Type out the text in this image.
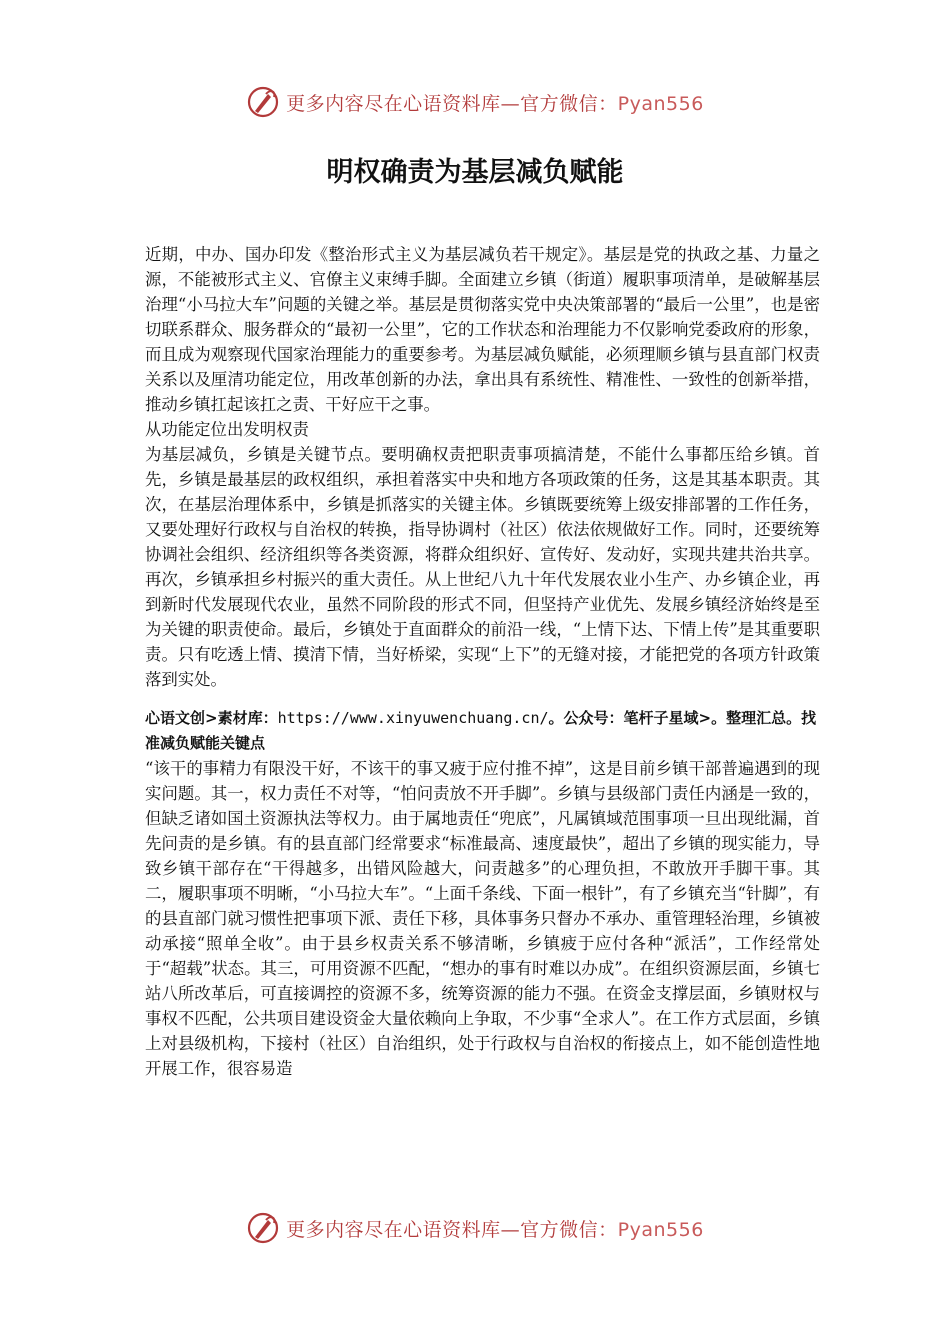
更多内容尽在心语资料库—官方微信：Pyan556
明权确责为基层减负赋能

近期，中办、国办印发《整治形式主义为基层减负若干规定》。基层是党的执政之基、力量之源，不能被形式主义、官僚主义束缚手脚。全面建立乡镇（街道）履职事项清单，是破解基层治理“小马拉大车”问题的关键之举。基层是贯彻落实党中央决策部署的“最后一公里”，也是密切联系群众、服务群众的“最初一公里”，它的工作状态和治理能力不仅影响党委政府的形象，而且成为观察现代国家治理能力的重要参考。为基层减负赋能，必须理顺乡镇与县直部门权责关系以及厘清功能定位，用改革创新的办法，拿出具有系统性、精准性、一致性的创新举措，推动乡镇扛起该扛之责、干好应干之事。

从功能定位出发明权责

为基层减负，乡镇是关键节点。要明确权责把职责事项搞清楚，不能什么事都压给乡镇。首先，乡镇是最基层的政权组织，承担着落实中央和地方各项政策的任务，这是其基本职责。其次，在基层治理体系中，乡镇是抓落实的关键主体。乡镇既要统筹上级安排部署的工作任务，又要处理好行政权与自治权的转换，指导协调村（社区）依法依规做好工作。同时，还要统筹协调社会组织、经济组织等各类资源，将群众组织好、宣传好、发动好，实现共建共治共享。再次，乡镇承担乡村振兴的重大责任。从上世纪八九十年代发展农业小生产、办乡镇企业，再到新时代发展现代农业，虽然不同阶段的形式不同，但坚持产业优先、发展乡镇经济始终是至为关键的职责使命。最后，乡镇处于直面群众的前沿一线，“上情下达、下情上传”是其重要职责。只有吃透上情、摸清下情，当好桥梁，实现“上下”的无缝对接，才能把党的各项方针政策落到实处。

心语文创>素材库：https://www.xinyuwenchuang.cn/。公众号：笔杆子星域>。整理汇总。找准减负赋能关键点

“该干的事精力有限没干好，不该干的事又疲于应付推不掉”，这是目前乡镇干部普遍遇到的现实问题。其一，权力责任不对等，“怕问责放不开手脚”。乡镇与县级部门责任内涵是一致的，但缺乏诸如国土资源执法等权力。由于属地责任“兜底”，凡属镇域范围事项一旦出现纰漏，首先问责的是乡镇。有的县直部门经常要求“标准最高、速度最快”，超出了乡镇的现实能力，导致乡镇干部存在“干得越多，出错风险越大，问责越多”的心理负担，不敢放开手脚干事。其二，履职事项不明晰，“小马拉大车”。“上面千条线、下面一根针”，有了乡镇充当“针脚”，有的县直部门就习惯性把事项下派、责任下移，具体事务只督办不承办、重管理轻治理，乡镇被动承接“照单全收”。由于县乡权责关系不够清晰，乡镇疲于应付各种“派活”，工作经常处于“超载”状态。其三，可用资源不匹配，“想办的事有时难以办成”。在组织资源层面，乡镇七站八所改革后，可直接调控的资源不多，统筹资源的能力不强。在资金支撑层面，乡镇财权与事权不匹配，公共项目建设资金大量依赖向上争取，不少事“全求人”。在工作方式层面，乡镇上对县级机构，下接村（社区）自治组织，处于行政权与自治权的衔接点上，如不能创造性地开展工作，很容易造

更多内容尽在心语资料库—官方微信：Pyan556
